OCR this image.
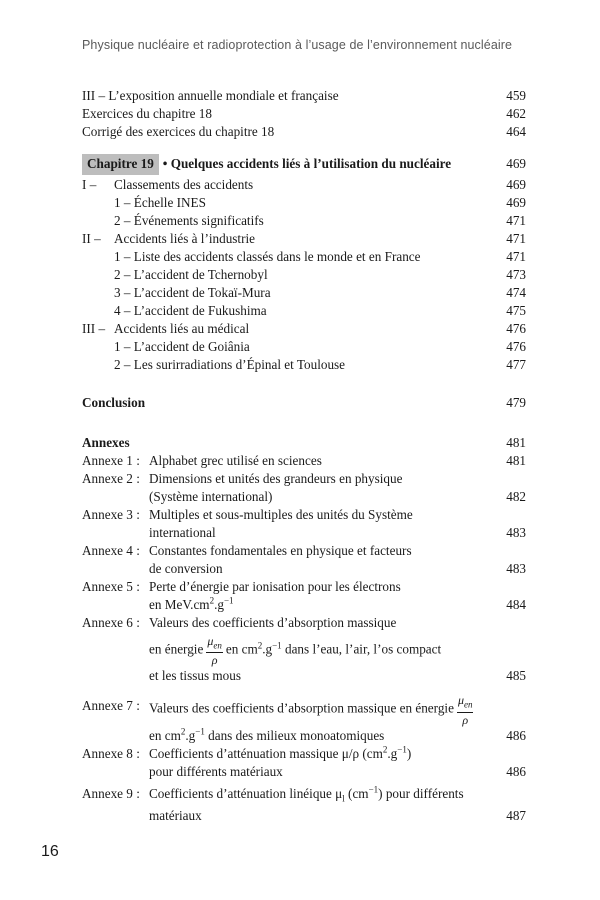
Physique nucléaire et radioprotection à l’usage de l’environnement nucléaire
III – L’exposition annuelle mondiale et française	459
Exercices du chapitre 18	462
Corrigé des exercices du chapitre 18	464
Chapitre 19 • Quelques accidents liés à l’utilisation du nucléaire	469
I –	Classements des accidents	469
1 – Échelle INES	469
2 – Événements significatifs	471
II –	Accidents liés à l’industrie	471
1 – Liste des accidents classés dans le monde et en France	471
2 – L’accident de Tchernobyl	473
3 – L’accident de Tokaï-Mura	474
4 – L’accident de Fukushima	475
III – Accidents liés au médical	476
1 – L’accident de Goiânia	476
2 – Les surirradiations d’Épinal et Toulouse	477
Conclusion	479
Annexes	481
Annexe 1 : Alphabet grec utilisé en sciences	481
Annexe 2 : Dimensions et unités des grandeurs en physique
(Système international)	482
Annexe 3 : Multiples et sous-multiples des unités du Système
international	483
Annexe 4 : Constantes fondamentales en physique et facteurs
de conversion	483
Annexe 5 : Perte d’énergie par ionisation pour les électrons
en $MeV.cm^2.g^{-1}$	484
Annexe 6 : Valeurs des coefficients d’absorption massique
en énergie $\frac{\mu_{en}}{\rho}$ en $cm^2.g^{-1}$ dans l’eau, l’air, l’os compact
et les tissus mous	485
Annexe 7 : Valeurs des coefficients d’absorption massique en énergie $\frac{\mu_{en}}{\rho}$
en $cm^2.g^{-1}$ dans des milieux monoatomiques	486
Annexe 8 : Coefficients d’atténuation massique μ/ρ $(cm^2.g^{-1})$
pour différents matériaux	486
Annexe 9 : Coefficients d’atténuation linéique $\mu_l$ $(cm^{-1})$ pour différents
matériaux	487
16
